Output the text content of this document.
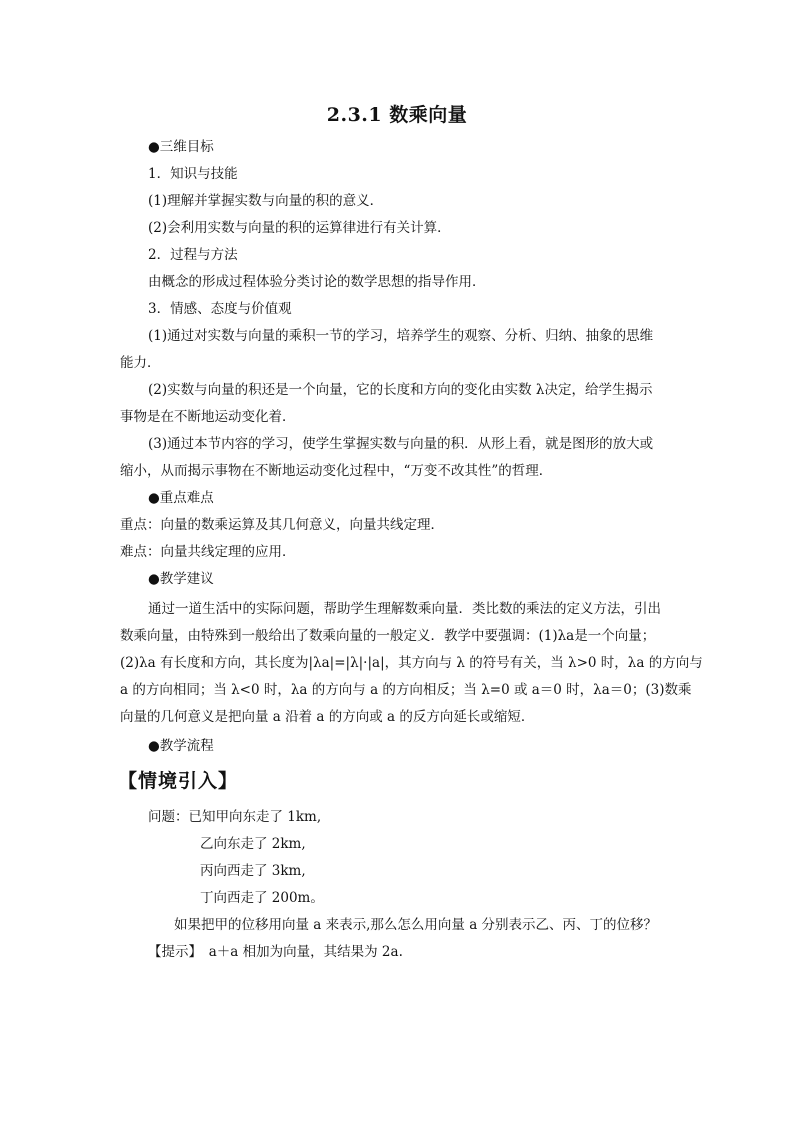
2.3.1 数乘向量
●三维目标
1．知识与技能
(1)理解并掌握实数与向量的积的意义．
(2)会利用实数与向量的积的运算律进行有关计算．
2．过程与方法
由概念的形成过程体验分类讨论的数学思想的指导作用．
3．情感、态度与价值观
(1)通过对实数与向量的乘积一节的学习，培养学生的观察、分析、归纳、抽象的思维
能力．
(2)实数与向量的积还是一个向量，它的长度和方向的变化由实数 λ决定，给学生揭示
事物是在不断地运动变化着．
(3)通过本节内容的学习，使学生掌握实数与向量的积．从形上看，就是图形的放大或
缩小，从而揭示事物在不断地运动变化过程中，“万变不改其性”的哲理．
●重点难点
重点：向量的数乘运算及其几何意义，向量共线定理．
难点：向量共线定理的应用．
●教学建议
通过一道生活中的实际问题，帮助学生理解数乘向量．类比数的乘法的定义方法，引出
数乘向量，由特殊到一般给出了数乘向量的一般定义．教学中要强调：(1)λa是一个向量；
(2)λa 有长度和方向，其长度为|λa|=|λ|·|a|，其方向与 λ 的符号有关，当 λ>0 时，λa 的方向与
a 的方向相同；当 λ<0 时，λa 的方向与 a 的方向相反；当 λ=0 或 a＝0 时，λa＝0；(3)数乘
向量的几何意义是把向量 a 沿着 a 的方向或 a 的反方向延长或缩短．
●教学流程
【情境引入】
问题：已知甲向东走了 1km,
乙向东走了 2km,
丙向西走了 3km,
丁向西走了 200m。
如果把甲的位移用向量 a 来表示,那么怎么用向量 a 分别表示乙、丙、丁的位移？
【提示】　a＋a 相加为向量，其结果为 2a.
